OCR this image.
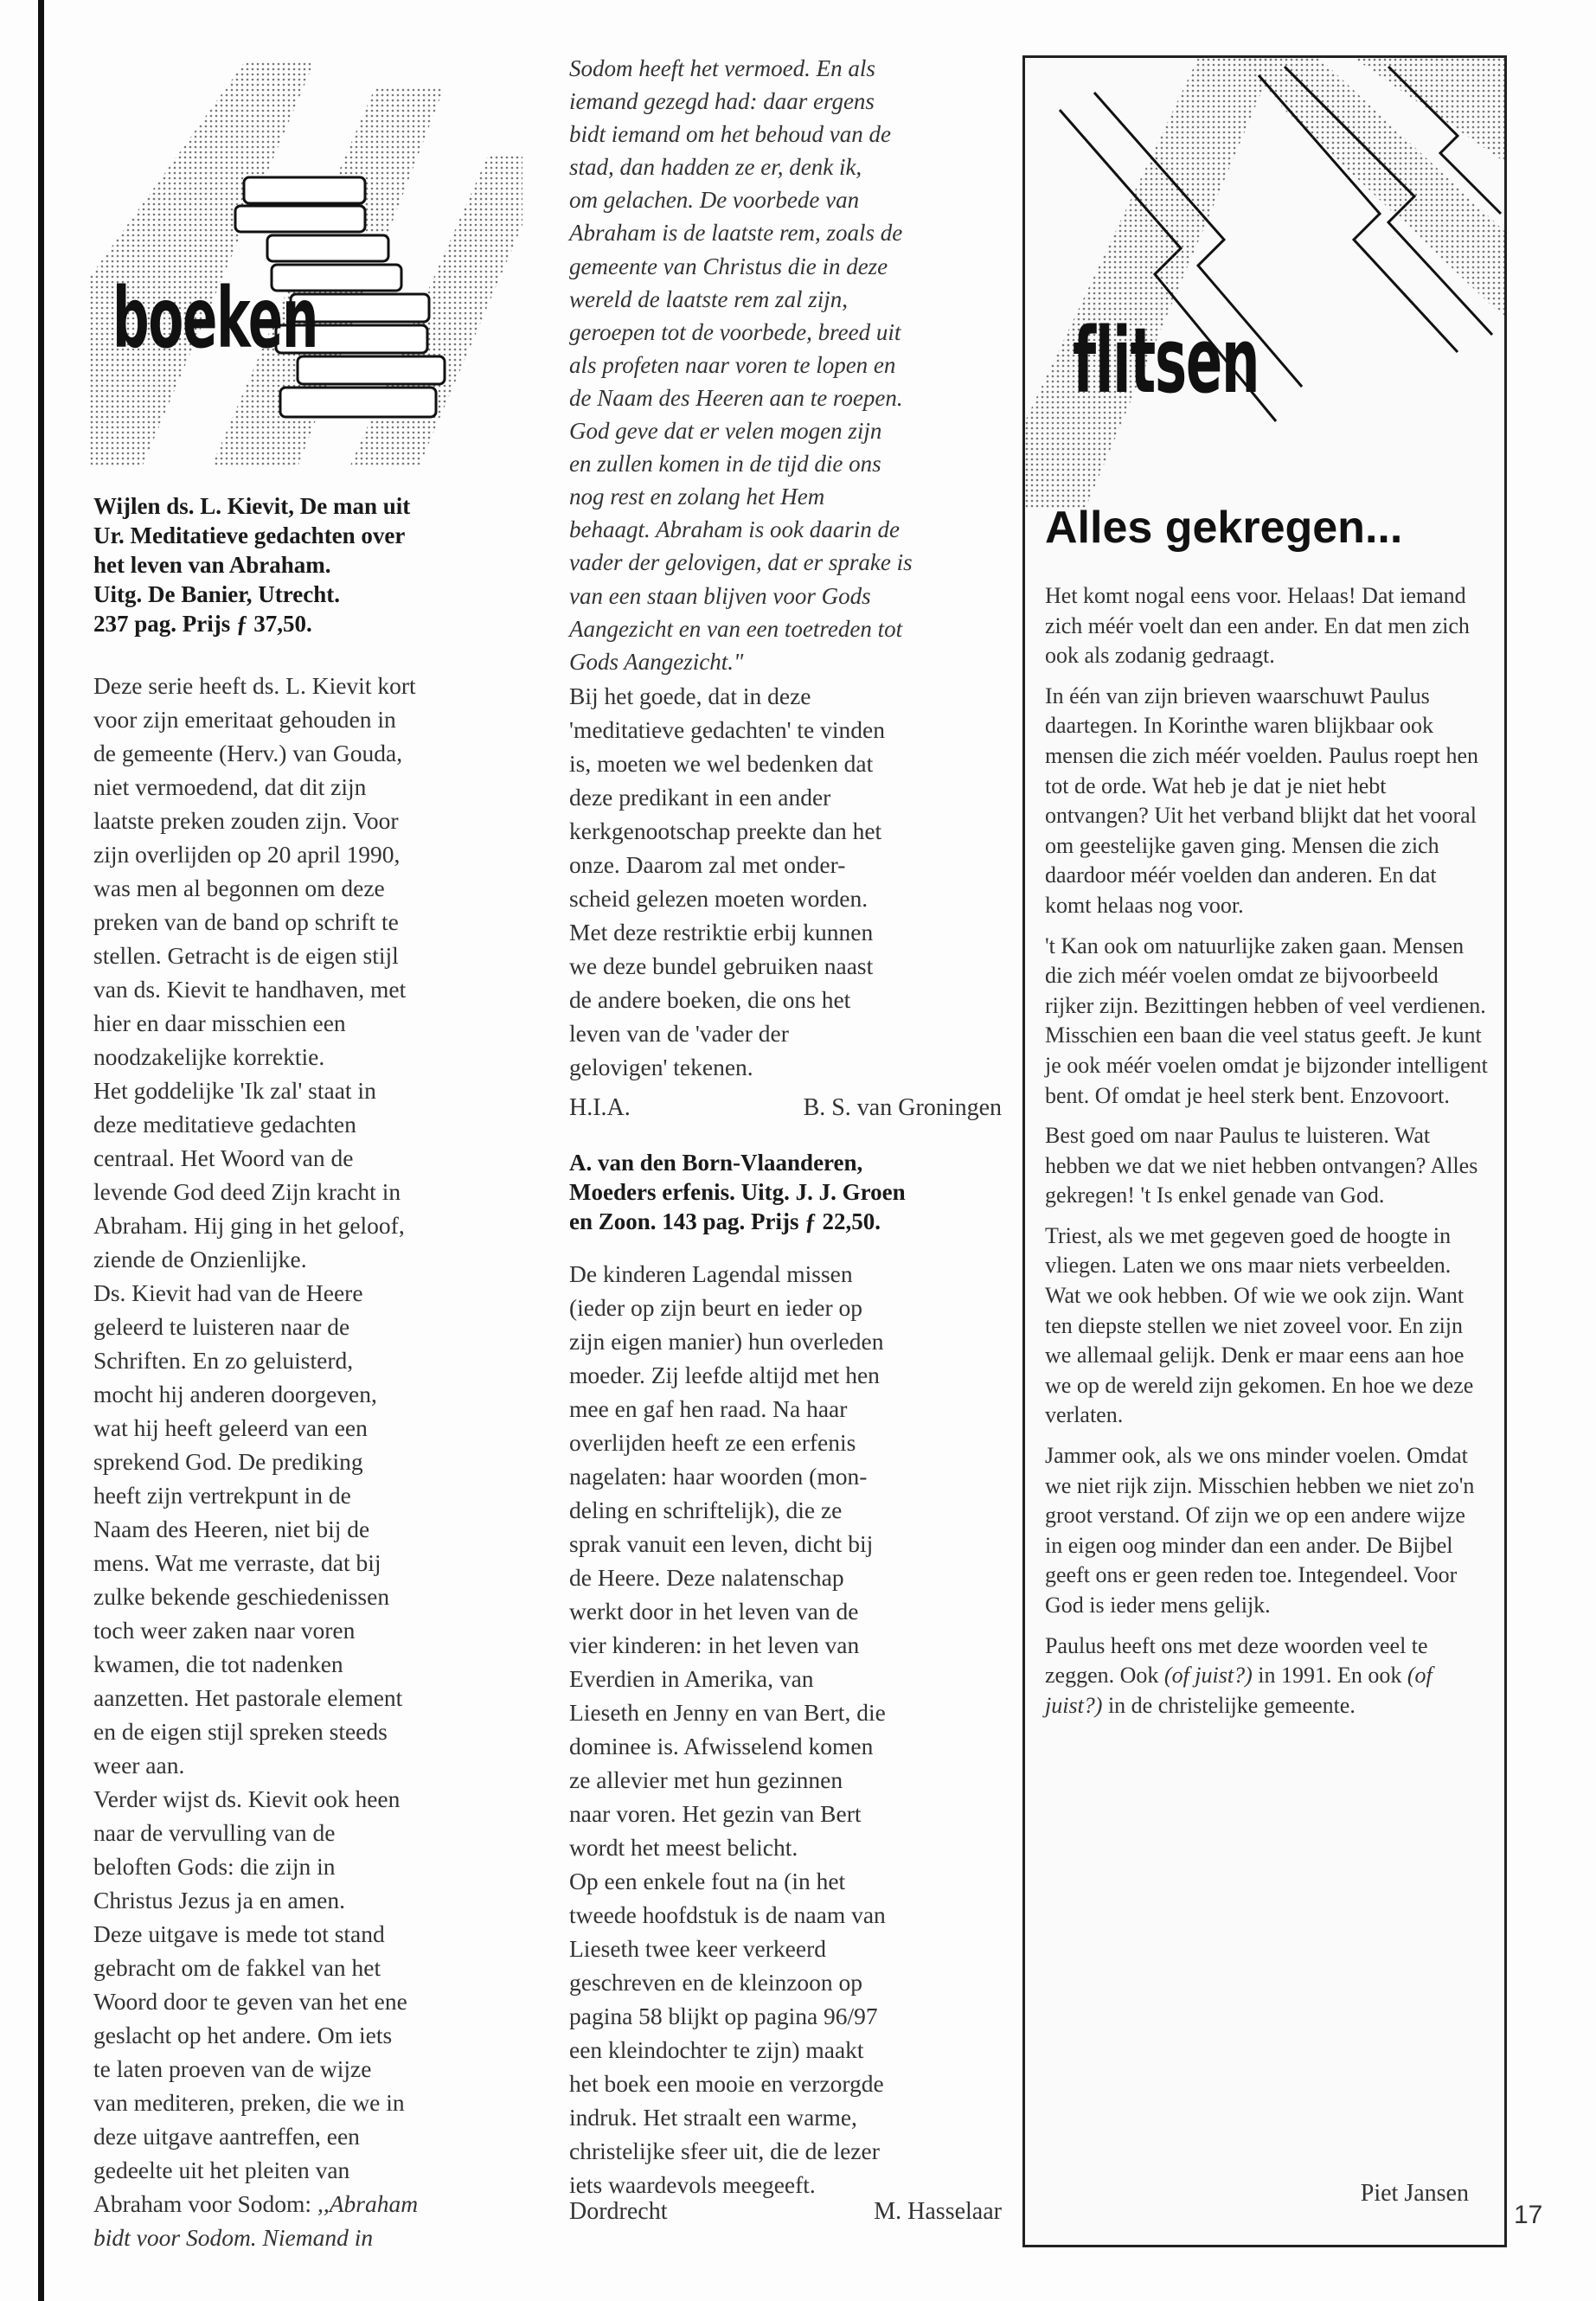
boeken
Wijlen ds. L. Kievit, De man uit
Ur. Meditatieve gedachten over
het leven van Abraham.
Uitg. De Banier, Utrecht.
237 pag. Prijs ƒ 37,50.
Deze serie heeft ds. L. Kievit kort
voor zijn emeritaat gehouden in
de gemeente (Herv.) van Gouda,
niet vermoedend, dat dit zijn
laatste preken zouden zijn. Voor
zijn overlijden op 20 april 1990,
was men al begonnen om deze
preken van de band op schrift te
stellen. Getracht is de eigen stijl
van ds. Kievit te handhaven, met
hier en daar misschien een
noodzakelijke korrektie.
Het goddelijke 'Ik zal' staat in
deze meditatieve gedachten
centraal. Het Woord van de
levende God deed Zijn kracht in
Abraham. Hij ging in het geloof,
ziende de Onzienlijke.
Ds. Kievit had van de Heere
geleerd te luisteren naar de
Schriften. En zo geluisterd,
mocht hij anderen doorgeven,
wat hij heeft geleerd van een
sprekend God. De prediking
heeft zijn vertrekpunt in de
Naam des Heeren, niet bij de
mens. Wat me verraste, dat bij
zulke bekende geschiedenissen
toch weer zaken naar voren
kwamen, die tot nadenken
aanzetten. Het pastorale element
en de eigen stijl spreken steeds
weer aan.
Verder wijst ds. Kievit ook heen
naar de vervulling van de
beloften Gods: die zijn in
Christus Jezus ja en amen.
Deze uitgave is mede tot stand
gebracht om de fakkel van het
Woord door te geven van het ene
geslacht op het andere. Om iets
te laten proeven van de wijze
van mediteren, preken, die we in
deze uitgave aantreffen, een
gedeelte uit het pleiten van
Abraham voor Sodom: ,,Abraham
bidt voor Sodom. Niemand in
Sodom heeft het vermoed. En als
iemand gezegd had: daar ergens
bidt iemand om het behoud van de
stad, dan hadden ze er, denk ik,
om gelachen. De voorbede van
Abraham is de laatste rem, zoals de
gemeente van Christus die in deze
wereld de laatste rem zal zijn,
geroepen tot de voorbede, breed uit
als profeten naar voren te lopen en
de Naam des Heeren aan te roepen.
God geve dat er velen mogen zijn
en zullen komen in de tijd die ons
nog rest en zolang het Hem
behaagt. Abraham is ook daarin de
vader der gelovigen, dat er sprake is
van een staan blijven voor Gods
Aangezicht en van een toetreden tot
Gods Aangezicht."
Bij het goede, dat in deze
'meditatieve gedachten' te vinden
is, moeten we wel bedenken dat
deze predikant in een ander
kerkgenootschap preekte dan het
onze. Daarom zal met onder-
scheid gelezen moeten worden.
Met deze restriktie erbij kunnen
we deze bundel gebruiken naast
de andere boeken, die ons het
leven van de 'vader der
gelovigen' tekenen.
H.I.A.	B. S. van Groningen
A. van den Born-Vlaanderen,
Moeders erfenis. Uitg. J. J. Groen
en Zoon. 143 pag. Prijs ƒ 22,50.
De kinderen Lagendal missen
(ieder op zijn beurt en ieder op
zijn eigen manier) hun overleden
moeder. Zij leefde altijd met hen
mee en gaf hen raad. Na haar
overlijden heeft ze een erfenis
nagelaten: haar woorden (mon-
deling en schriftelijk), die ze
sprak vanuit een leven, dicht bij
de Heere. Deze nalatenschap
werkt door in het leven van de
vier kinderen: in het leven van
Everdien in Amerika, van
Lieseth en Jenny en van Bert, die
dominee is. Afwisselend komen
ze allevier met hun gezinnen
naar voren. Het gezin van Bert
wordt het meest belicht.
Op een enkele fout na (in het
tweede hoofdstuk is de naam van
Lieseth twee keer verkeerd
geschreven en de kleinzoon op
pagina 58 blijkt op pagina 96/97
een kleindochter te zijn) maakt
het boek een mooie en verzorgde
indruk. Het straalt een warme,
christelijke sfeer uit, die de lezer
iets waardevols meegeeft.
Dordrecht	M. Hasselaar
flitsen
Alles gekregen...

Het komt nogal eens voor. Helaas! Dat iemand zich méér voelt dan een ander. En dat men zich ook als zodanig gedraagt.

In één van zijn brieven waarschuwt Paulus daartegen. In Korinthe waren blijkbaar ook mensen die zich méér voelden. Paulus roept hen tot de orde. Wat heb je dat je niet hebt ontvangen? Uit het verband blijkt dat het vooral om geestelijke gaven ging. Mensen die zich daardoor méér voelden dan anderen. En dat komt helaas nog voor.

't Kan ook om natuurlijke zaken gaan. Mensen die zich méér voelen omdat ze bijvoorbeeld rijker zijn. Bezittingen hebben of veel verdienen. Misschien een baan die veel status geeft. Je kunt je ook méér voelen omdat je bijzonder intelligent bent. Of omdat je heel sterk bent. Enzovoort.

Best goed om naar Paulus te luisteren. Wat hebben we dat we niet hebben ontvangen? Alles gekregen! 't Is enkel genade van God.

Triest, als we met gegeven goed de hoogte in vliegen. Laten we ons maar niets verbeelden. Wat we ook hebben. Of wie we ook zijn. Want ten diepste stellen we niet zoveel voor. En zijn we allemaal gelijk. Denk er maar eens aan hoe we op de wereld zijn gekomen. En hoe we deze verlaten.

Jammer ook, als we ons minder voelen. Omdat we niet rijk zijn. Misschien hebben we niet zo'n groot verstand. Of zijn we op een andere wijze in eigen oog minder dan een ander. De Bijbel geeft ons er geen reden toe. Integendeel. Voor God is ieder mens gelijk.

Paulus heeft ons met deze woorden veel te zeggen. Ook (of juist?) in 1991. En ook (of juist?) in de christelijke gemeente.

Piet Jansen
17
